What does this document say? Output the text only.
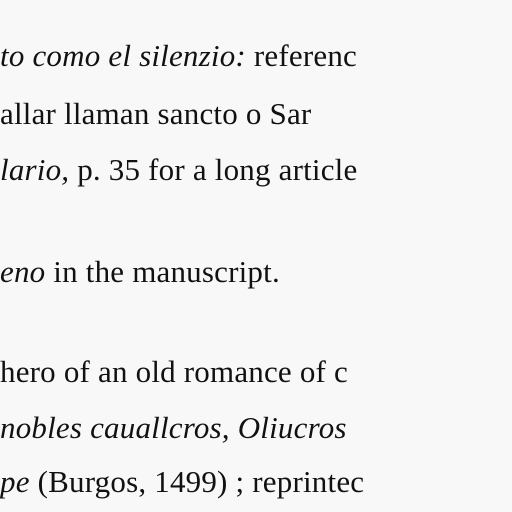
to como el silenzio: referenc
allar llaman sancto o Sar
lario, p. 35 for a long article
eno in the manuscript.
hero of an old romance of c
nobles cauallcros, Oliucros
pe (Burgos, 1499) ; reprintec
